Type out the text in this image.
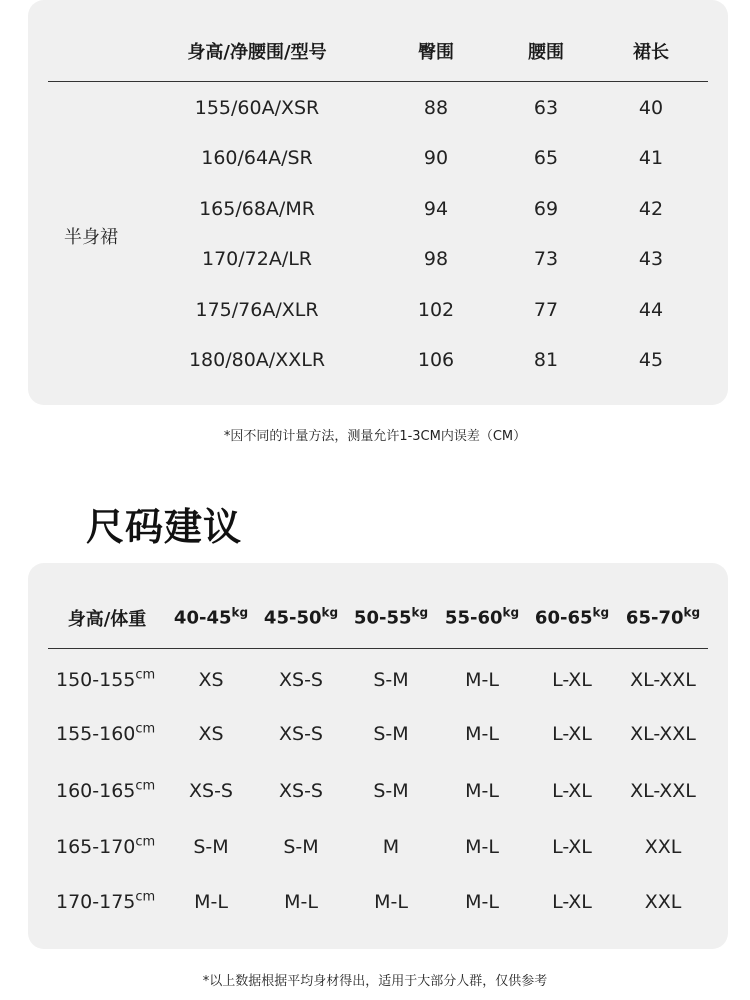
身高/净腰围/型号	臀围	腰围	裙长
半身裙
155/60A/XSR	88	63	40
160/64A/SR	90	65	41
165/68A/MR	94	69	42
170/72A/LR	98	73	43
175/76A/XLR	102	77	44
180/80A/XXLR	106	81	45
*因不同的计量方法，测量允许1-3CM内误差（CM）
尺码建议
身高/体重 $40-45^{kg}$ $45-50^{kg}$ $50-55^{kg}$ $55-60^{kg}$ $60-65^{kg}$ $65-70^{kg}$
$150-155^{cm}$ XS	XS-S	S-M	M-L	L-XL XL-XXL
$155-160^{cm}$ XS	XS-S	S-M	M-L	L-XL XL-XXL
$160-165^{cm}$ XS-S XS-S	S-M	M-L	L-XL XL-XXL
$165-170^{cm}$ S-M	S-M	M	M-L	L-XL	XXL
$170-175^{cm}$ M-L	M-L	M-L	M-L	L-XL	XXL
*以上数据根据平均身材得出，适用于大部分人群，仅供参考
